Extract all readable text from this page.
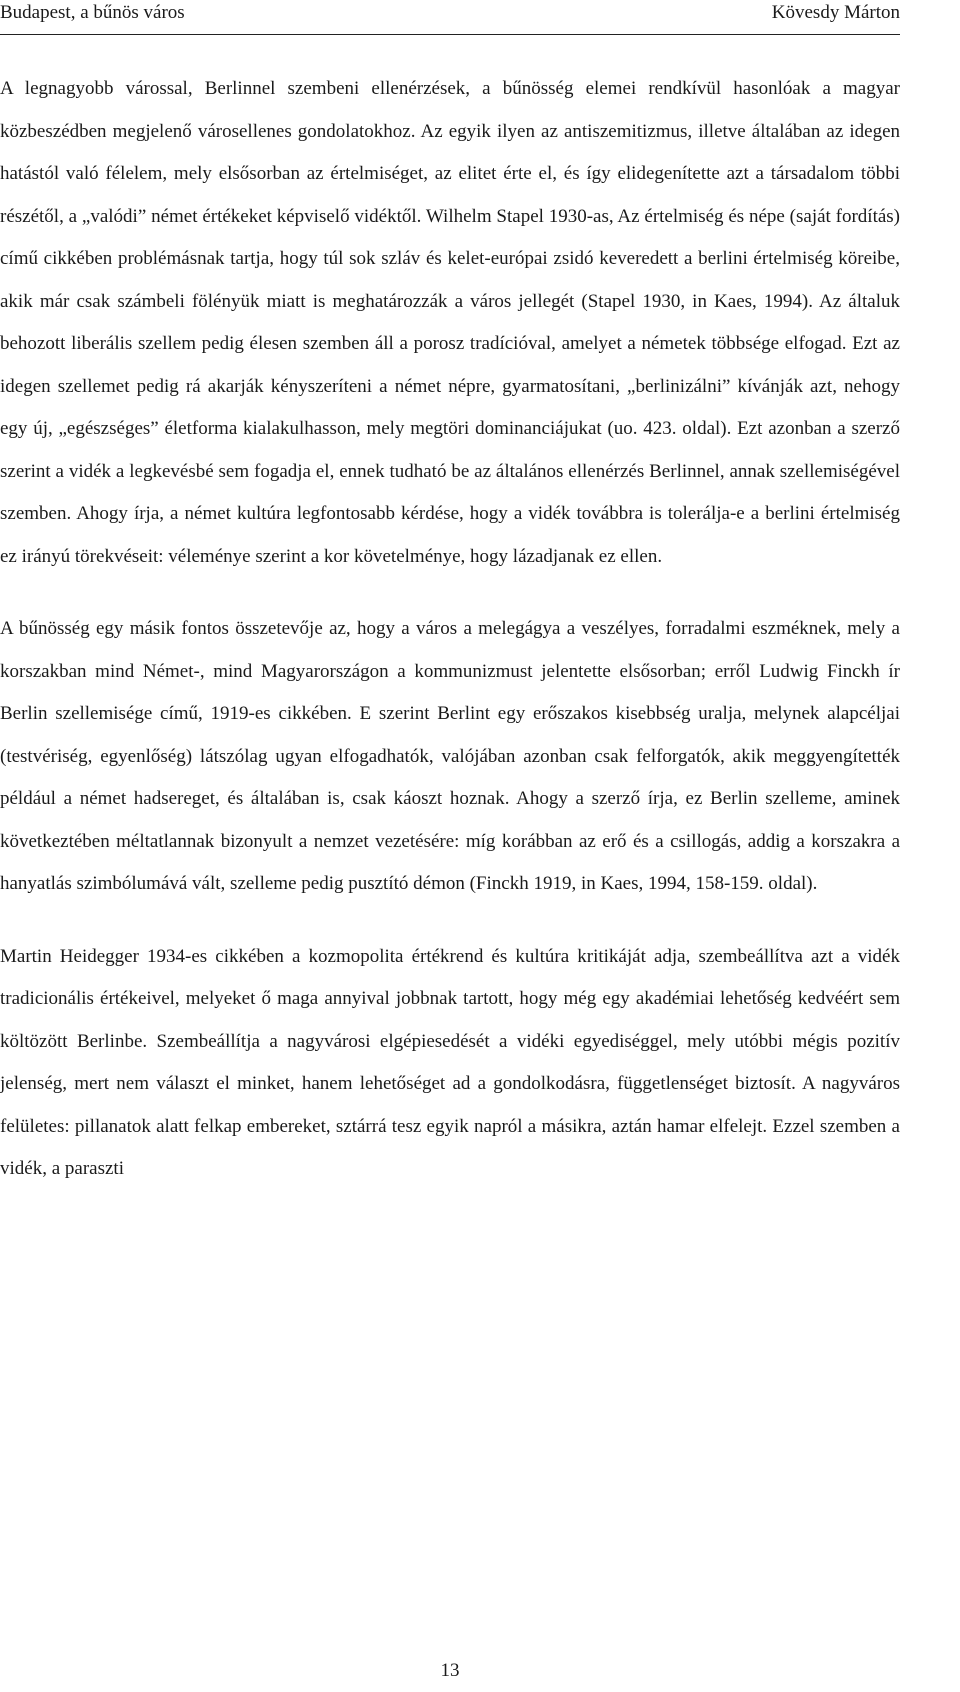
Budapest, a bűnös város	Kövesdy Márton

A legnagyobb várossal, Berlinnel szembeni ellenérzések, a bűnösség elemei rendkívül hasonlóak a magyar közbeszédben megjelenő városellenes gondolatokhoz. Az egyik ilyen az antiszemitizmus, illetve általában az idegen hatástól való félelem, mely elsősorban az értelmiséget, az elitet érte el, és így elidegenítette azt a társadalom többi részétől, a „valódi” német értékeket képviselő vidéktől. Wilhelm Stapel 1930-as, Az értelmiség és népe (saját fordítás) című cikkében problémásnak tartja, hogy túl sok szláv és kelet-európai zsidó keveredett a berlini értelmiség köreibe, akik már csak számbeli fölényük miatt is meghatározzák a város jellegét (Stapel 1930, in Kaes, 1994). Az általuk behozott liberális szellem pedig élesen szemben áll a porosz tradícióval, amelyet a németek többsége elfogad. Ezt az idegen szellemet pedig rá akarják kényszeríteni a német népre, gyarmatosítani, „berlinizálni” kívánják azt, nehogy egy új, „egészséges” életforma kialakulhasson, mely megtöri dominanciájukat (uo. 423. oldal). Ezt azonban a szerző szerint a vidék a legkevésbé sem fogadja el, ennek tudható be az általános ellenérzés Berlinnel, annak szellemiségével szemben. Ahogy írja, a német kultúra legfontosabb kérdése, hogy a vidék továbbra is tolerálja-e a berlini értelmiség ez irányú törekvéseit: véleménye szerint a kor követelménye, hogy lázadjanak ez ellen.

A bűnösség egy másik fontos összetevője az, hogy a város a melegágya a veszélyes, forradalmi eszméknek, mely a korszakban mind Német-, mind Magyarországon a kommunizmust jelentette elsősorban; erről Ludwig Finckh ír Berlin szellemisége című, 1919-es cikkében. E szerint Berlint egy erőszakos kisebbség uralja, melynek alapcéljai (testvériség, egyenlőség) látszólag ugyan elfogadhatók, valójában azonban csak felforgatók, akik meggyengítették például a német hadsereget, és általában is, csak káoszt hoznak. Ahogy a szerző írja, ez Berlin szelleme, aminek következtében méltatlannak bizonyult a nemzet vezetésére: míg korábban az erő és a csillogás, addig a korszakra a hanyatlás szimbólumává vált, szelleme pedig pusztító démon (Finckh 1919, in Kaes, 1994, 158-159. oldal).

Martin Heidegger 1934-es cikkében a kozmopolita értékrend és kultúra kritikáját adja, szembeállítva azt a vidék tradicionális értékeivel, melyeket ő maga annyival jobbnak tartott, hogy még egy akadémiai lehetőség kedvéért sem költözött Berlinbe. Szembeállítja a nagyvárosi elgépiesedését a vidéki egyediséggel, mely utóbbi mégis pozitív jelenség, mert nem választ el minket, hanem lehetőséget ad a gondolkodásra, függetlenséget biztosít. A nagyváros felületes: pillanatok alatt felkap embereket, sztárrá tesz egyik napról a másikra, aztán hamar elfelejt. Ezzel szemben a vidék, a paraszti

13
